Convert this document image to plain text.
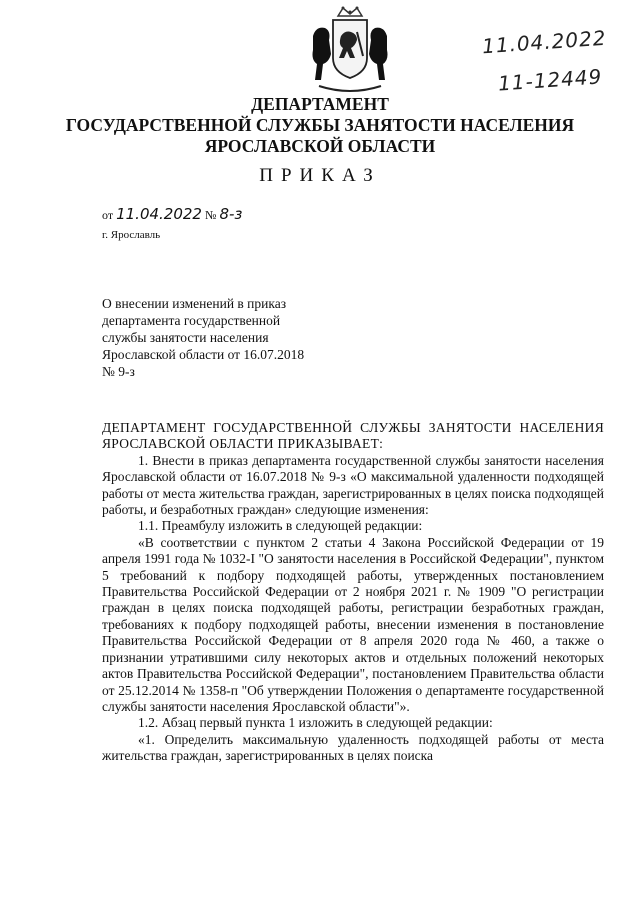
11.04.2022
11-12449
ДЕПАРТАМЕНТ
ГОСУДАРСТВЕННОЙ СЛУЖБЫ ЗАНЯТОСТИ НАСЕЛЕНИЯ
ЯРОСЛАВСКОЙ ОБЛАСТИ
ПРИКАЗ
от 11.04.2022 № 8-з
г. Ярославль
О внесении изменений в приказ
департамента государственной
службы занятости населения
Ярославской области от 16.07.2018
№ 9-з

ДЕПАРТАМЕНТ ГОСУДАРСТВЕННОЙ СЛУЖБЫ ЗАНЯТОСТИ НАСЕЛЕНИЯ ЯРОСЛАВСКОЙ ОБЛАСТИ ПРИКАЗЫВАЕТ:

1. Внести в приказ департамента государственной службы занятости населения Ярославской области от 16.07.2018 № 9-з «О максимальной удаленности подходящей работы от места жительства граждан, зарегистрированных в целях поиска подходящей работы, и безработных граждан» следующие изменения:

1.1. Преамбулу изложить в следующей редакции:

«В соответствии с пунктом 2 статьи 4 Закона Российской Федерации от 19 апреля 1991 года № 1032-I "О занятости населения в Российской Федерации", пунктом 5 требований к подбору подходящей работы, утвержденных постановлением Правительства Российской Федерации от 2 ноября 2021 г. № 1909 "О регистрации граждан в целях поиска подходящей работы, регистрации безработных граждан, требованиях к подбору подходящей работы, внесении изменения в постановление Правительства Российской Федерации от 8 апреля 2020 года № 460, а также о признании утратившими силу некоторых актов и отдельных положений некоторых актов Правительства Российской Федерации", постановлением Правительства области от 25.12.2014 № 1358-п "Об утверждении Положения о департаменте государственной службы занятости населения Ярославской области"».

1.2. Абзац первый пункта 1 изложить в следующей редакции:

«1. Определить максимальную удаленность подходящей работы от места жительства граждан, зарегистрированных в целях поиска
